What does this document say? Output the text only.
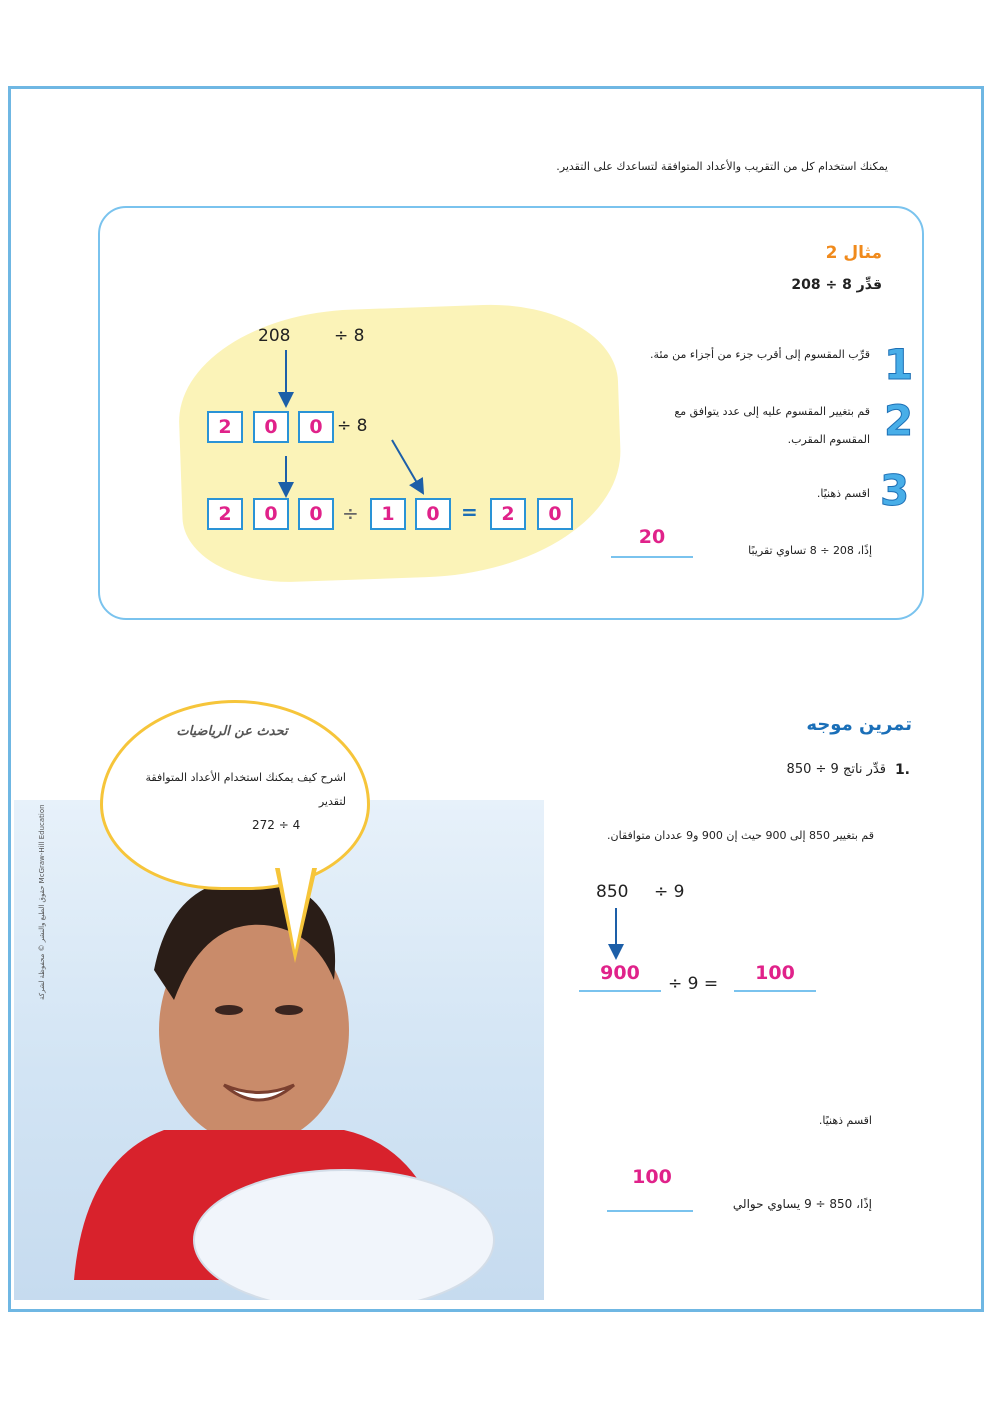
يمكنك استخدام كل من التقريب والأعداد المتوافقة لتساعدك على التقدير.
مثال 2
قدِّر 8 ÷ 208
208	÷ 8
2	0	0 ÷ 8
2	0	0 ÷	1	0	=	2	0
1
قرِّب المقسوم إلى أقرب جزء من أجزاء من مئة.
2
قم بتغيير المقسوم عليه إلى عدد يتوافق مع المقسوم المقرب.
3
اقسم ذهنيًا.
20
إذًا، 208 ÷ 8 تساوي تقريبًا
تحدث عن الرياضيات
اشرح كيف يمكنك استخدام الأعداد المتوافقة لتقدير
272 ÷ 4
حقوق الطبع والنشر © محفوظة لشركة McGraw-Hill Education
تمرين موجه
1.
قدِّر ناتج 9 ÷ 850
قم بتغيير 850 إلى 900 حيث إن 900 و9 عددان متوافقان.
850 ÷ 9
900	÷ 9 =	100
اقسم ذهنيًا.
100
إذًا، 850 ÷ 9 يساوي حوالي
